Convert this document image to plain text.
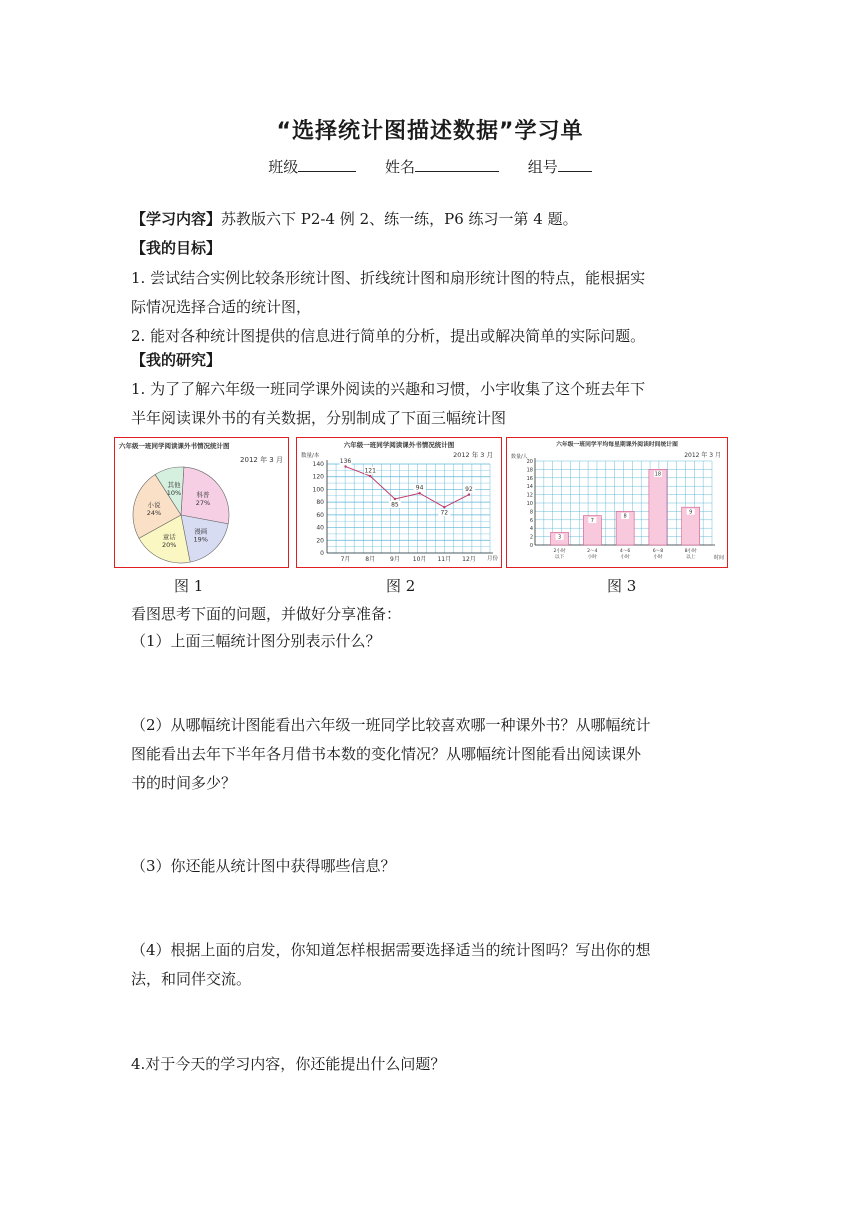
“选择统计图描述数据”学习单
班级	姓名	组号
【学习内容】苏教版六下 P2-4 例 2、练一练，P6 练习一第 4 题。
【我的目标】
1. 尝试结合实例比较条形统计图、折线统计图和扇形统计图的特点，能根据实
际情况选择合适的统计图，
2. 能对各种统计图提供的信息进行简单的分析，提出或解决简单的实际问题。
【我的研究】
1. 为了了解六年级一班同学课外阅读的兴趣和习惯，小宇收集了这个班去年下
半年阅读课外书的有关数据，分别制成了下面三幅统计图
六年级一班同学阅读课外书情况统计图
2012 年 3 月
科普
27%
漫画
19%
童话
20%
小说
24%
其他
10%
六年级一班同学阅读课外书情况统计图
2012 年 3 月
数量/本
月份
0
20
40
60
80
100
120
140
7月 8月 9月 10月 11月 12月
136
121
85
94
72
92
六年级一班同学平均每星期课外阅读时间统计图
2012 年 3 月
数量/人
时间
0
2
4
6
8
10
12
14
16
18
20
3
2小时
以下
7
2～4
小时
8
4～6
小时
18
6～8
小时
9
8小时
以上
图 1	图 2	图 3
看图思考下面的问题，并做好分享准备：
（1）上面三幅统计图分别表示什么？
（2）从哪幅统计图能看出六年级一班同学比较喜欢哪一种课外书？从哪幅统计
图能看出去年下半年各月借书本数的变化情况？从哪幅统计图能看出阅读课外
书的时间多少？
（3）你还能从统计图中获得哪些信息？
（4）根据上面的启发，你知道怎样根据需要选择适当的统计图吗？写出你的想
法，和同伴交流。
4.对于今天的学习内容，你还能提出什么问题？
